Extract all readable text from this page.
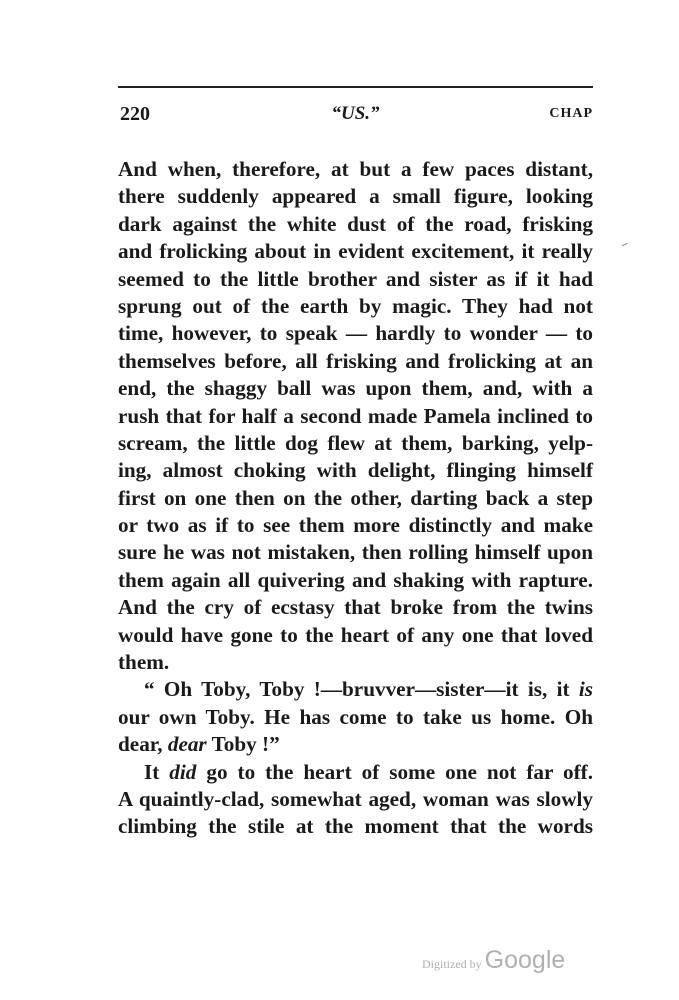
220	“US.”	CHAP
And when, therefore, at but a few paces distant,
there suddenly appeared a small figure, looking
dark against the white dust of the road, frisking
and frolicking about in evident excitement, it really
seemed to the little brother and sister as if it had
sprung out of the earth by magic. They had not
time, however, to speak — hardly to wonder — to
themselves before, all frisking and frolicking at an
end, the shaggy ball was upon them, and, with a
rush that for half a second made Pamela inclined to
scream, the little dog flew at them, barking, yelp-
ing, almost choking with delight, flinging himself
first on one then on the other, darting back a step
or two as if to see them more distinctly and make
sure he was not mistaken, then rolling himself upon
them again all quivering and shaking with rapture.
And the cry of ecstasy that broke from the twins
would have gone to the heart of any one that loved
them.
“ Oh Toby, Toby !—bruvver—sister—it is, it is
our own Toby. He has come to take us home. Oh
dear, dear Toby !”
It did go to the heart of some one not far off.
A quaintly-clad, somewhat aged, woman was slowly
climbing the stile at the moment that the words
Digitized by Google
